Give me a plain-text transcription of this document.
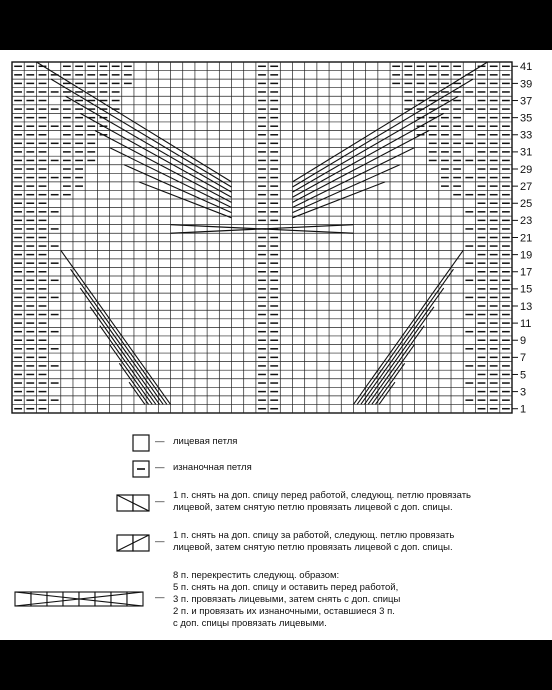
41
39
37
35
33
31
29
27
25
23
21
19
17
15
13
11
9
7
5
3
1
— лицевая петля
— изнаночная петля
—
1 п. снять на доп. спицу перед работой, следующ. петлю провязать
лицевой, затем снятую петлю провязать лицевой с доп. спицы.
—
1 п. снять на доп. спицу за работой, следующ. петлю провязать
лицевой, затем снятую петлю провязать лицевой с доп. спицы.
—
8 п. перекрестить следующ. образом:
5 п. снять на доп. спицу и оставить перед работой,
3 п. провязать лицевыми, затем снять с доп. спицы
2 п. и провязать их изнаночными, оставшиеся 3 п.
с доп. спицы провязать лицевыми.
